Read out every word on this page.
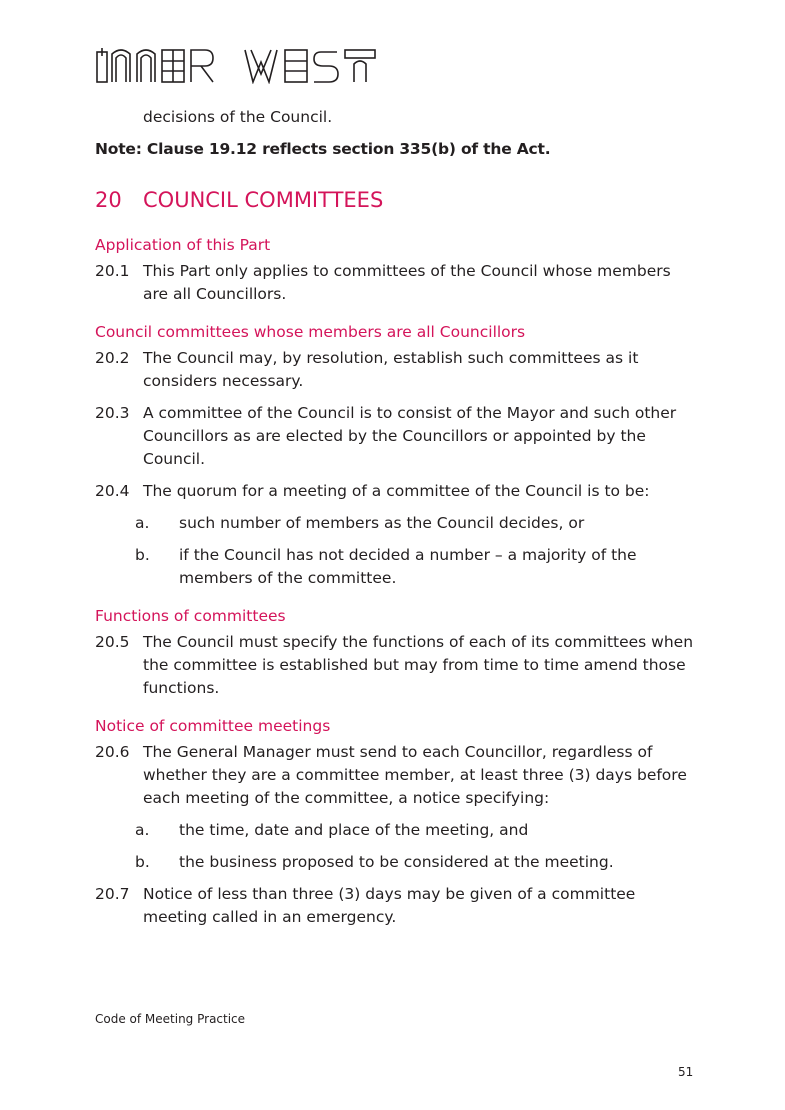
decisions of the Council.

Note: Clause 19.12 reflects section 335(b) of the Act.

20 COUNCIL COMMITTEES
Application of this Part
20.1 This Part only applies to committees of the Council whose members are all Councillors.
Council committees whose members are all Councillors
20.2 The Council may, by resolution, establish such committees as it considers necessary.
20.3 A committee of the Council is to consist of the Mayor and such other Councillors as are elected by the Councillors or appointed by the Council.
20.4 The quorum for a meeting of a committee of the Council is to be:
a.	such number of members as the Council decides, or
b.	if the Council has not decided a number – a majority of the members of the committee.
Functions of committees
20.5 The Council must specify the functions of each of its committees when the committee is established but may from time to time amend those functions.
Notice of committee meetings
20.6 The General Manager must send to each Councillor, regardless of whether they are a committee member, at least three (3) days before each meeting of the committee, a notice specifying:
a.	the time, date and place of the meeting, and
b.	the business proposed to be considered at the meeting.
20.7 Notice of less than three (3) days may be given of a committee meeting called in an emergency.

Code of Meeting Practice

51
